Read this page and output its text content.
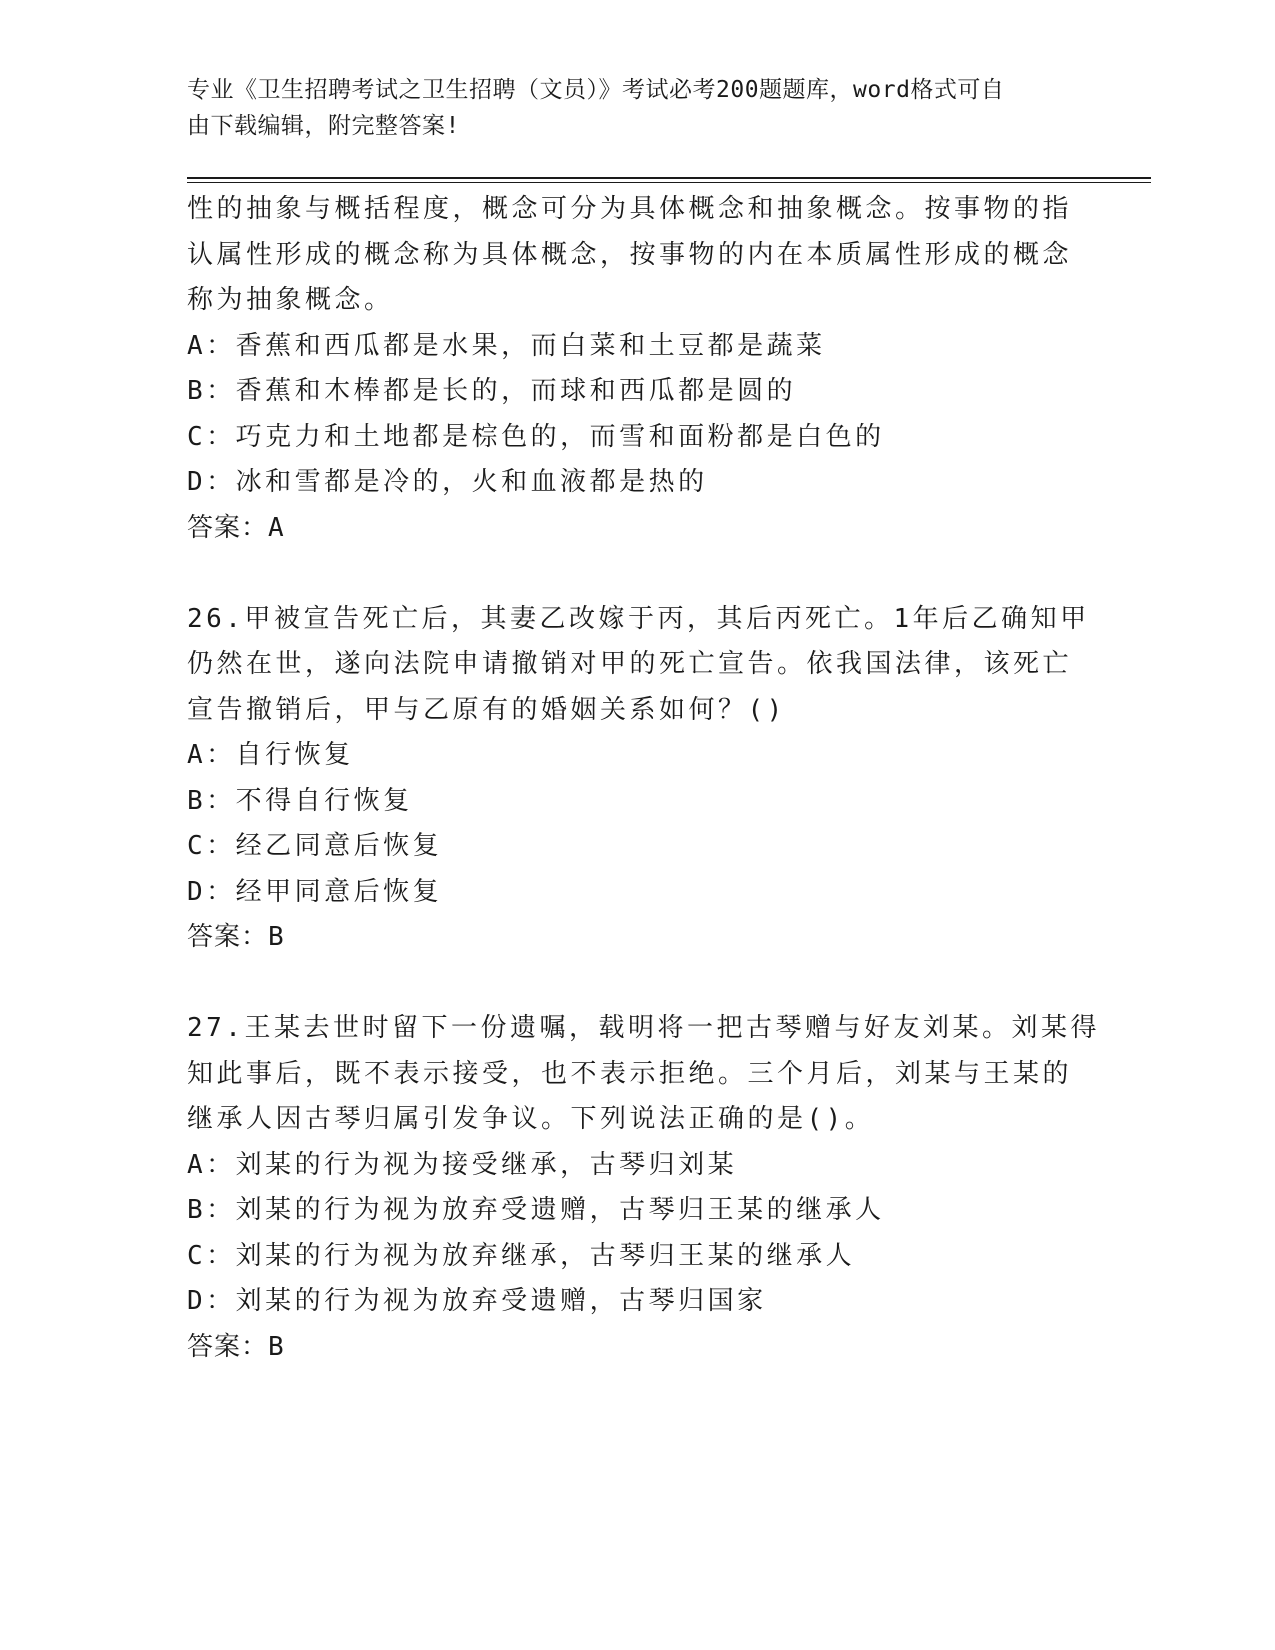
专业《卫生招聘考试之卫生招聘（文员）》考试必考200题题库，word格式可自
由下载编辑，附完整答案!
性的抽象与概括程度，概念可分为具体概念和抽象概念。按事物的指
认属性形成的概念称为具体概念，按事物的内在本质属性形成的概念
称为抽象概念。
A：香蕉和西瓜都是水果，而白菜和土豆都是蔬菜
B：香蕉和木棒都是长的，而球和西瓜都是圆的
C：巧克力和土地都是棕色的，而雪和面粉都是白色的
D：冰和雪都是冷的，火和血液都是热的
答案：A
26.甲被宣告死亡后，其妻乙改嫁于丙，其后丙死亡。1年后乙确知甲
仍然在世，遂向法院申请撤销对甲的死亡宣告。依我国法律，该死亡
宣告撤销后，甲与乙原有的婚姻关系如何？()
A：自行恢复
B：不得自行恢复
C：经乙同意后恢复
D：经甲同意后恢复
答案：B
27.王某去世时留下一份遗嘱，载明将一把古琴赠与好友刘某。刘某得
知此事后，既不表示接受，也不表示拒绝。三个月后，刘某与王某的
继承人因古琴归属引发争议。下列说法正确的是()。
A：刘某的行为视为接受继承，古琴归刘某
B：刘某的行为视为放弃受遗赠，古琴归王某的继承人
C：刘某的行为视为放弃继承，古琴归王某的继承人
D：刘某的行为视为放弃受遗赠，古琴归国家
答案：B
